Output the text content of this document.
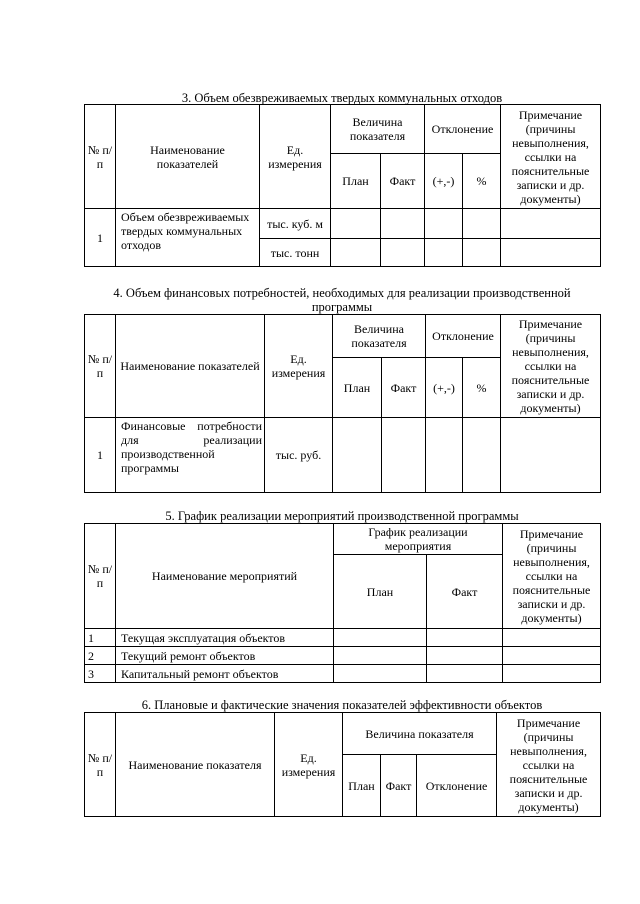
3. Объем обезвреживаемых твердых коммунальных отходов
№ п/п	Наименование показателей	Ед. измерения	Величина показателя		Отклонение		Примечание (причины невыполнения, ссылки на пояснительные записки и др. документы)
			План	Факт	(+,-)	%	
1	Объем обезвреживаемых твердых коммунальных отходов	тыс. куб. м					
		тыс. тонн					
4. Объем финансовых потребностей, необходимых для реализации производственной программы
№ п/п	Наименование показателей	Ед. измерения	Величина показателя		Отклонение		Примечание (причины невыполнения, ссылки на пояснительные записки и др. документы)
			План	Факт	(+,-)	%	
1	Финансовые потребности для реализации производственной программы	тыс. руб.					
5. График реализации мероприятий производственной программы
№ п/п	Наименование мероприятий	График реализации мероприятия		Примечание (причины невыполнения, ссылки на пояснительные записки и др. документы)
		План	Факт	
1	Текущая эксплуатация объектов			
2	Текущий ремонт объектов			
3	Капитальный ремонт объектов			
6. Плановые и фактические значения показателей эффективности объектов
№ п/п	Наименование показателя	Ед. измерения	Величина показателя			Примечание (причины невыполнения, ссылки на пояснительные записки и др. документы)
			План	Факт	Отклонение	
